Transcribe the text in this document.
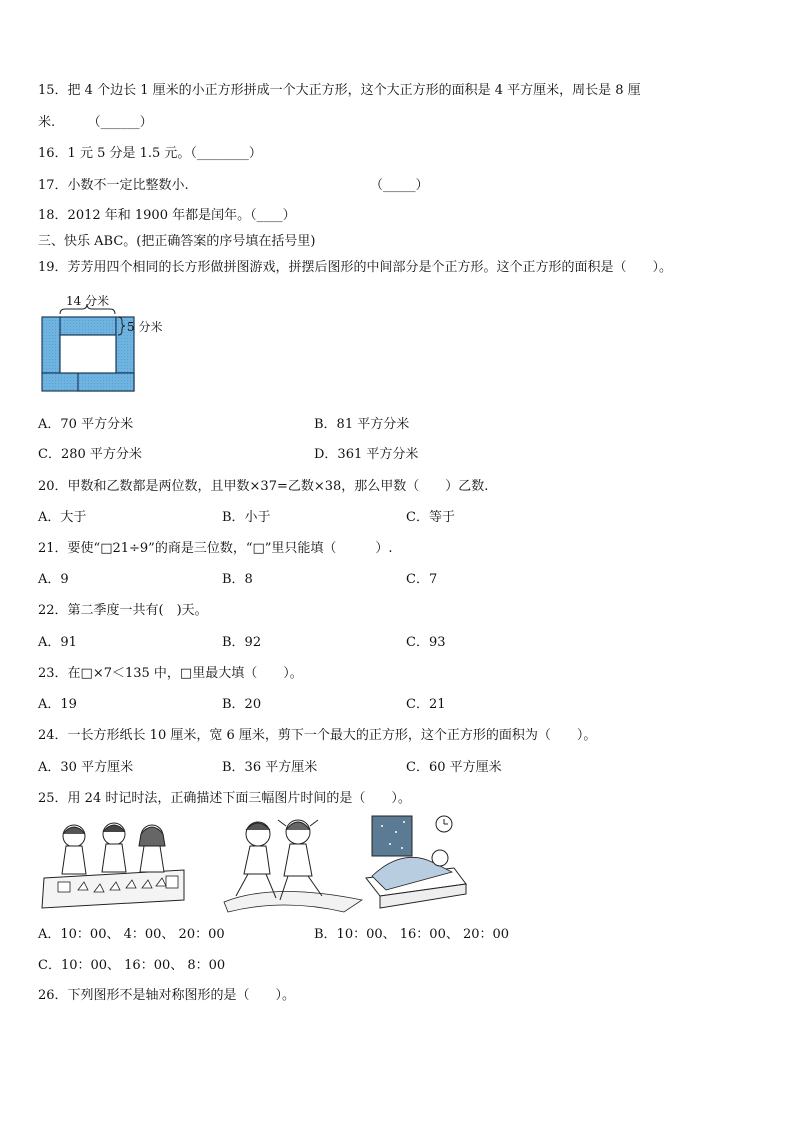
15．把 4 个边长 1 厘米的小正方形拼成一个大正方形，这个大正方形的面积是 4 平方厘米，周长是 8 厘
米.　　　（______）
16．1 元 5 分是 1.5 元。（________）
17．小数不一定比整数小.	（_____）
18．2012 年和 1900 年都是闰年。（____）
三、快乐 ABC。(把正确答案的序号填在括号里)
19．芳芳用四个相同的长方形做拼图游戏，拼摆后图形的中间部分是个正方形。这个正方形的面积是（　　）。
14 分米
5 分米
A．70 平方分米	B．81 平方分米
C．280 平方分米	D．361 平方分米
20．甲数和乙数都是两位数，且甲数×37=乙数×38，那么甲数（　　）乙数.
A．大于	B．小于	C．等于
21．要使“□21÷9”的商是三位数，“□”里只能填（　　　）.
A．9	B．8	C．7
22．第二季度一共有(　)天。
A．91	B．92	C．93
23．在□×7＜135 中，□里最大填（　　）。
A．19	B．20	C．21
24．一长方形纸长 10 厘米，宽 6 厘米，剪下一个最大的正方形，这个正方形的面积为（　　）。
A．30 平方厘米	B．36 平方厘米	C．60 平方厘米
25．用 24 时记时法，正确描述下面三幅图片时间的是（　　）。
A．10：00、 4：00、 20：00	B．10：00、 16：00、 20：00
C．10：00、 16：00、 8：00
26．下列图形不是轴对称图形的是（　　）。
